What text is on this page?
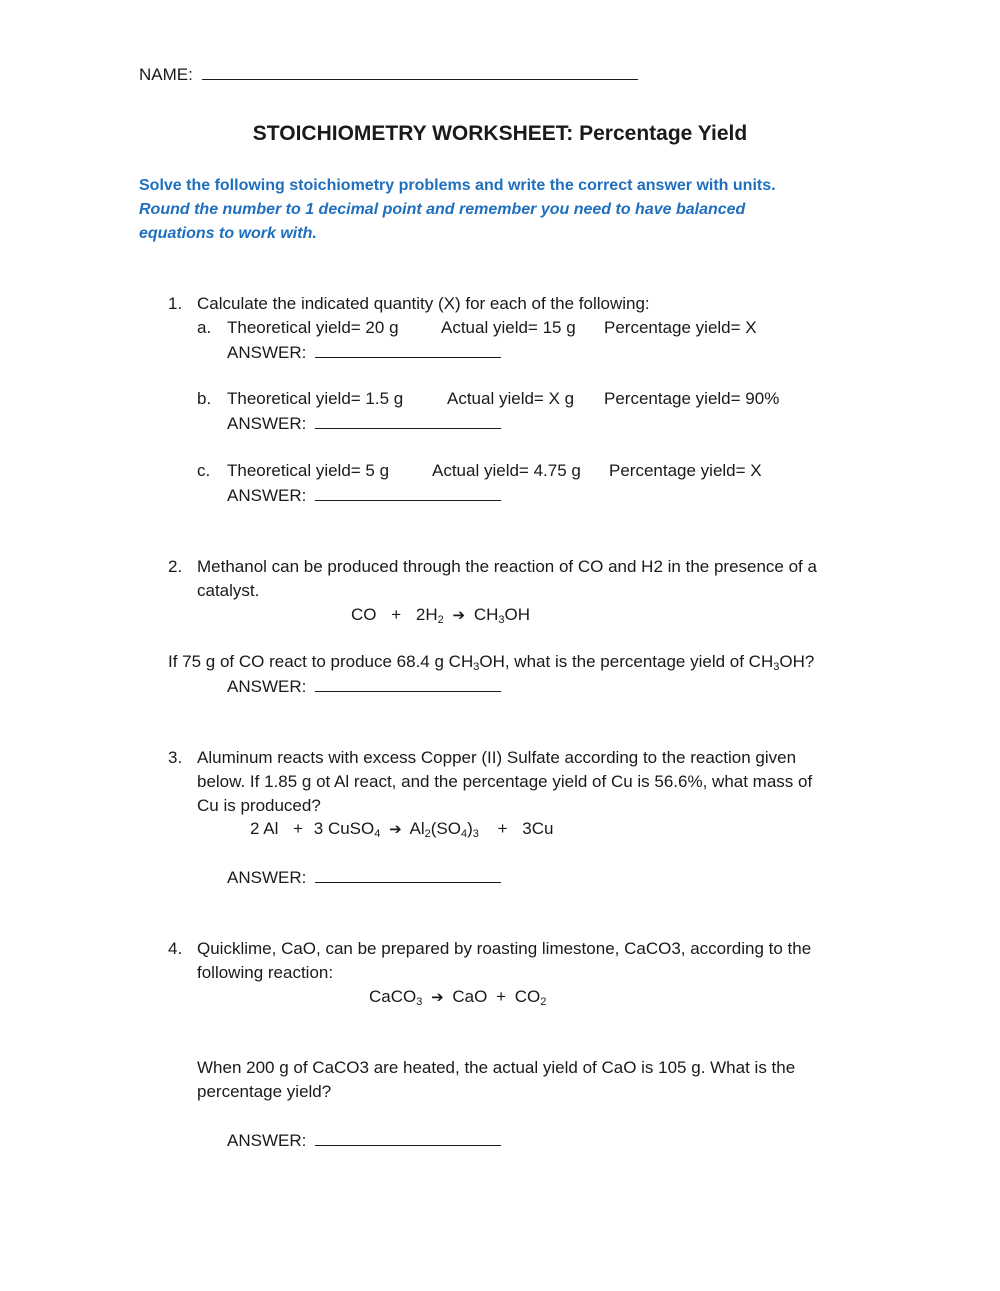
NAME:
STOICHIOMETRY WORKSHEET: Percentage Yield
Solve the following stoichiometry problems and write the correct answer with units.
Round the number to 1 decimal point and remember you need to have balanced
equations to work with.
1. Calculate the indicated quantity (X) for each of the following:
a. Theoretical yield= 20 g Actual yield= 15 g Percentage yield= X
ANSWER:
b. Theoretical yield= 1.5 g	Actual yield= X g Percentage yield= 90%
ANSWER:
c. Theoretical yield= 5 g	Actual yield= 4.75 g Percentage yield= X
ANSWER:
2. Methanol can be produced through the reaction of CO and H2 in the presence of a
catalyst.
CO + $2H_2$ ➔ $CH_3OH$
If 75 g of CO react to produce 68.4 g $CH_3OH$, what is the percentage yield of $CH_3OH$?
ANSWER:
3. Aluminum reacts with excess Copper (II) Sulfate according to the reaction given
below. If 1.85 g ot Al react, and the percentage yield of Cu is 56.6%, what mass of
Cu is produced?
2 Al + 3 CuSO$_4$ ➔ $Al_2(SO_4)_3 + 3Cu$
ANSWER:
4. Quicklime, CaO, can be prepared by roasting limestone, CaCO3, according to the
following reaction:
CaCO$_3$ ➔ CaO + $CO_2$
When 200 g of CaCO3 are heated, the actual yield of CaO is 105 g. What is the
percentage yield?
ANSWER:
